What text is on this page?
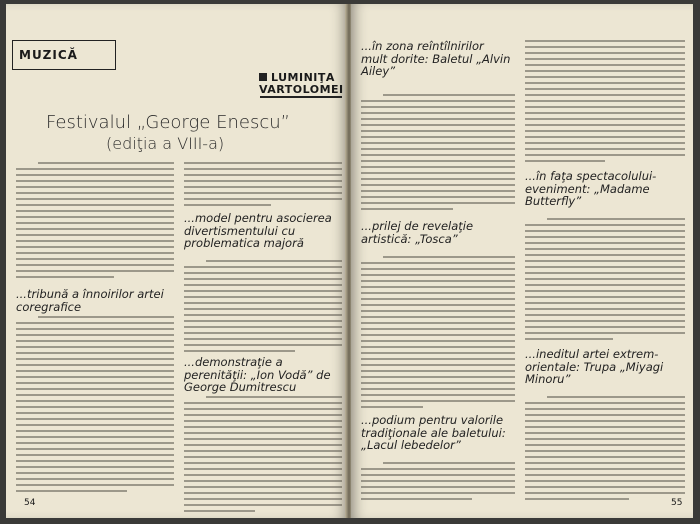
MUZICĂ
LUMINIŢA
VARTOLOMEI
Festivalul „George Enescu”
(ediţia a VIII-a)
...tribună a înnoirilor artei coregrafice
...model pentru asocierea divertismentului cu problematica majoră
...demonstraţie a perenităţii: „Ion Vodă” de George Dumitrescu
54
...în zona reîntîlnirilor mult dorite: Baletul „Alvin Ailey”
...prilej de revelaţie artistică: „Tosca”
...podium pentru valorile tradiţionale ale baletului: „Lacul lebedelor”
...în faţa spectacolului-eveniment: „Madame Butterfly”
...ineditul artei extrem-orientale: Trupa „Miyagi Minoru”
55
